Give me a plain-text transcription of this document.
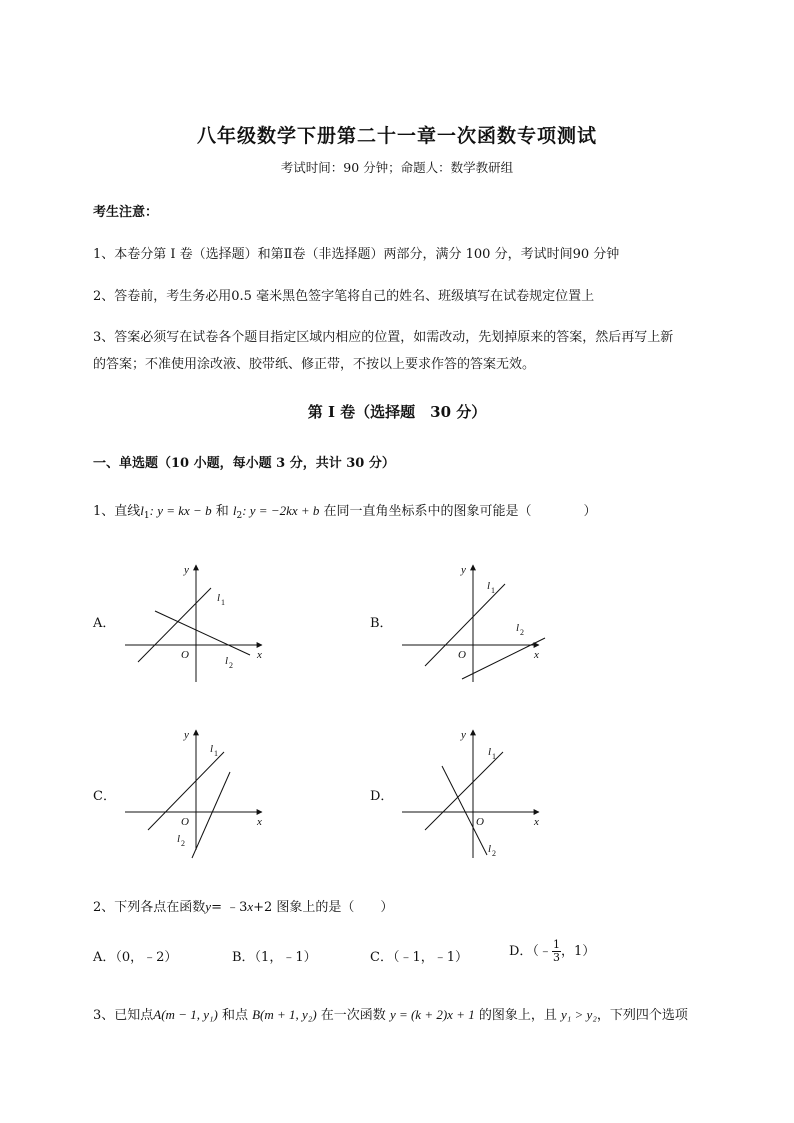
八年级数学下册第二十一章一次函数专项测试
考试时间：90 分钟；命题人：数学教研组
考生注意：
1、本卷分第 I 卷（选择题）和第Ⅱ卷（非选择题）两部分，满分 100 分，考试时间90 分钟
2、答卷前，考生务必用0.5 毫米黑色签字笔将自己的姓名、班级填写在试卷规定位置上
3、答案必须写在试卷各个题目指定区域内相应的位置，如需改动，先划掉原来的答案，然后再写上新
的答案；不准使用涂改液、胶带纸、修正带，不按以上要求作答的答案无效。
第 I 卷（选择题　30 分）
一、单选题（10 小题，每小题 3 分，共计 30 分）
1、直线$l_1$: y = kx − b 和 $l_2$: y = −2kx + b 在同一直角坐标系中的图象可能是（　　　　）
A．	B．
C．	D．
y
x
O
l 1
l 2
y
x
O
l 1
l 2
y
x
O
l 1
l 2
y
x
O
l 1
l 2
2、下列各点在函数y= ﹣3x+2 图象上的是（　　）
A．（0，﹣2）	B．（1，﹣1）	C．（﹣1，﹣1）	D．（﹣ $\frac{1}{3}$ ，1）
3、已知点A(m − 1, y₁) 和点 B(m + 1, y₂) 在一次函数 y = (k + 2)x + 1 的图象上，且 y₁ > y₂，下列四个选项
